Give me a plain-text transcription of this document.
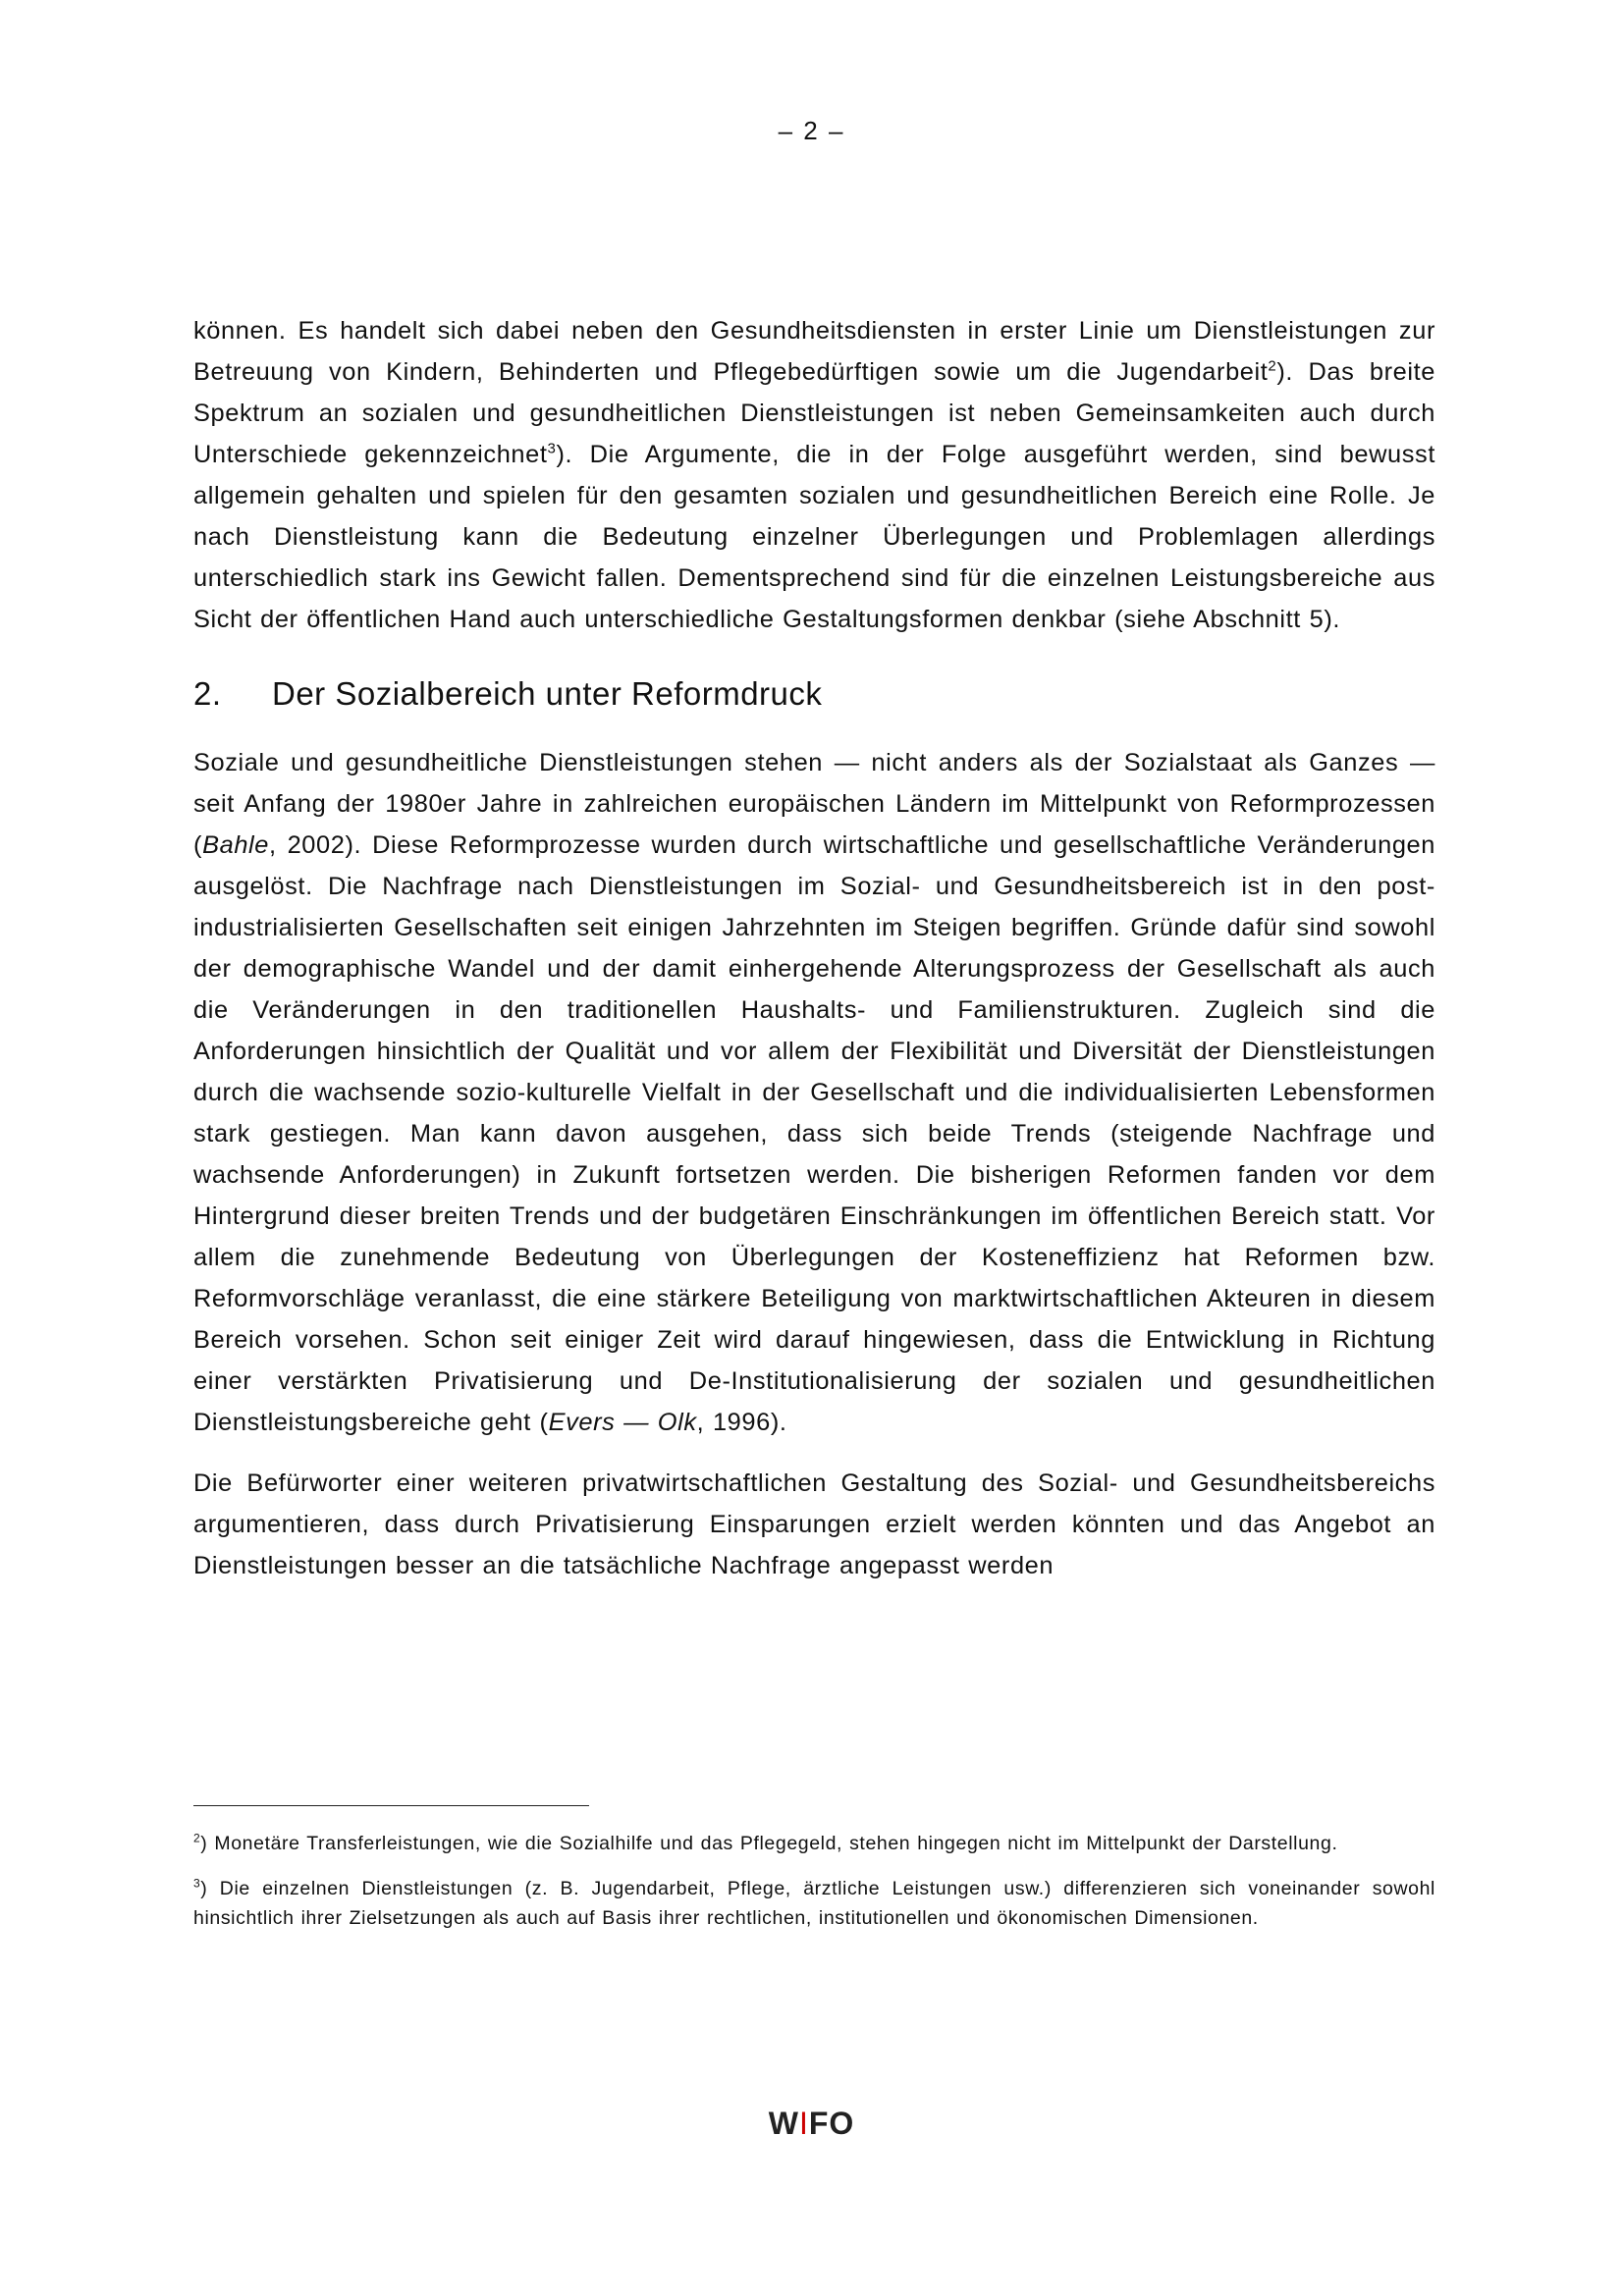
– 2 –

können. Es handelt sich dabei neben den Gesundheitsdiensten in erster Linie um Dienstleistungen zur Betreuung von Kindern, Behinderten und Pflegebedürftigen sowie um die Jugendarbeit$^2$). Das breite Spektrum an sozialen und gesundheitlichen Dienstleistungen ist neben Gemeinsamkeiten auch durch Unterschiede gekennzeichnet$^3$). Die Argumente, die in der Folge ausgeführt werden, sind bewusst allgemein gehalten und spielen für den gesamten sozialen und gesundheitlichen Bereich eine Rolle. Je nach Dienstleistung kann die Bedeutung einzelner Überlegungen und Problemlagen allerdings unterschiedlich stark ins Gewicht fallen. Dementsprechend sind für die einzelnen Leistungsbereiche aus Sicht der öffentlichen Hand auch unterschiedliche Gestaltungsformen denkbar (siehe Abschnitt 5).

2.	Der Sozialbereich unter Reformdruck

Soziale und gesundheitliche Dienstleistungen stehen — nicht anders als der Sozialstaat als Ganzes — seit Anfang der 1980er Jahre in zahlreichen europäischen Ländern im Mittelpunkt von Reformprozessen (Bahle, 2002). Diese Reformprozesse wurden durch wirtschaftliche und gesellschaftliche Veränderungen ausgelöst. Die Nachfrage nach Dienstleistungen im Sozial- und Gesundheitsbereich ist in den post-industrialisierten Gesellschaften seit einigen Jahrzehnten im Steigen begriffen. Gründe dafür sind sowohl der demographische Wandel und der damit einhergehende Alterungsprozess der Gesellschaft als auch die Veränderungen in den traditionellen Haushalts- und Familienstrukturen. Zugleich sind die Anforderungen hinsichtlich der Qualität und vor allem der Flexibilität und Diversität der Dienstleistungen durch die wachsende sozio-kulturelle Vielfalt in der Gesellschaft und die individualisierten Lebensformen stark gestiegen. Man kann davon ausgehen, dass sich beide Trends (steigende Nachfrage und wachsende Anforderungen) in Zukunft fortsetzen werden. Die bisherigen Reformen fanden vor dem Hintergrund dieser breiten Trends und der budgetären Einschränkungen im öffentlichen Bereich statt. Vor allem die zunehmende Bedeutung von Überlegungen der Kosteneffizienz hat Reformen bzw. Reformvorschläge veranlasst, die eine stärkere Beteiligung von marktwirtschaftlichen Akteuren in diesem Bereich vorsehen. Schon seit einiger Zeit wird darauf hingewiesen, dass die Entwicklung in Richtung einer verstärkten Privatisierung und De-Institutionalisierung der sozialen und gesundheitlichen Dienstleistungsbereiche geht (Evers — Olk, 1996).

Die Befürworter einer weiteren privatwirtschaftlichen Gestaltung des Sozial- und Gesundheitsbereichs argumentieren, dass durch Privatisierung Einsparungen erzielt werden könnten und das Angebot an Dienstleistungen besser an die tatsächliche Nachfrage angepasst werden

$^2$) Monetäre Transferleistungen, wie die Sozialhilfe und das Pflegegeld, stehen hingegen nicht im Mittelpunkt der Darstellung.

$^3$) Die einzelnen Dienstleistungen (z. B. Jugendarbeit, Pflege, ärztliche Leistungen usw.) differenzieren sich voneinander sowohl hinsichtlich ihrer Zielsetzungen als auch auf Basis ihrer rechtlichen, institutionellen und ökonomischen Dimensionen.

WIFO
